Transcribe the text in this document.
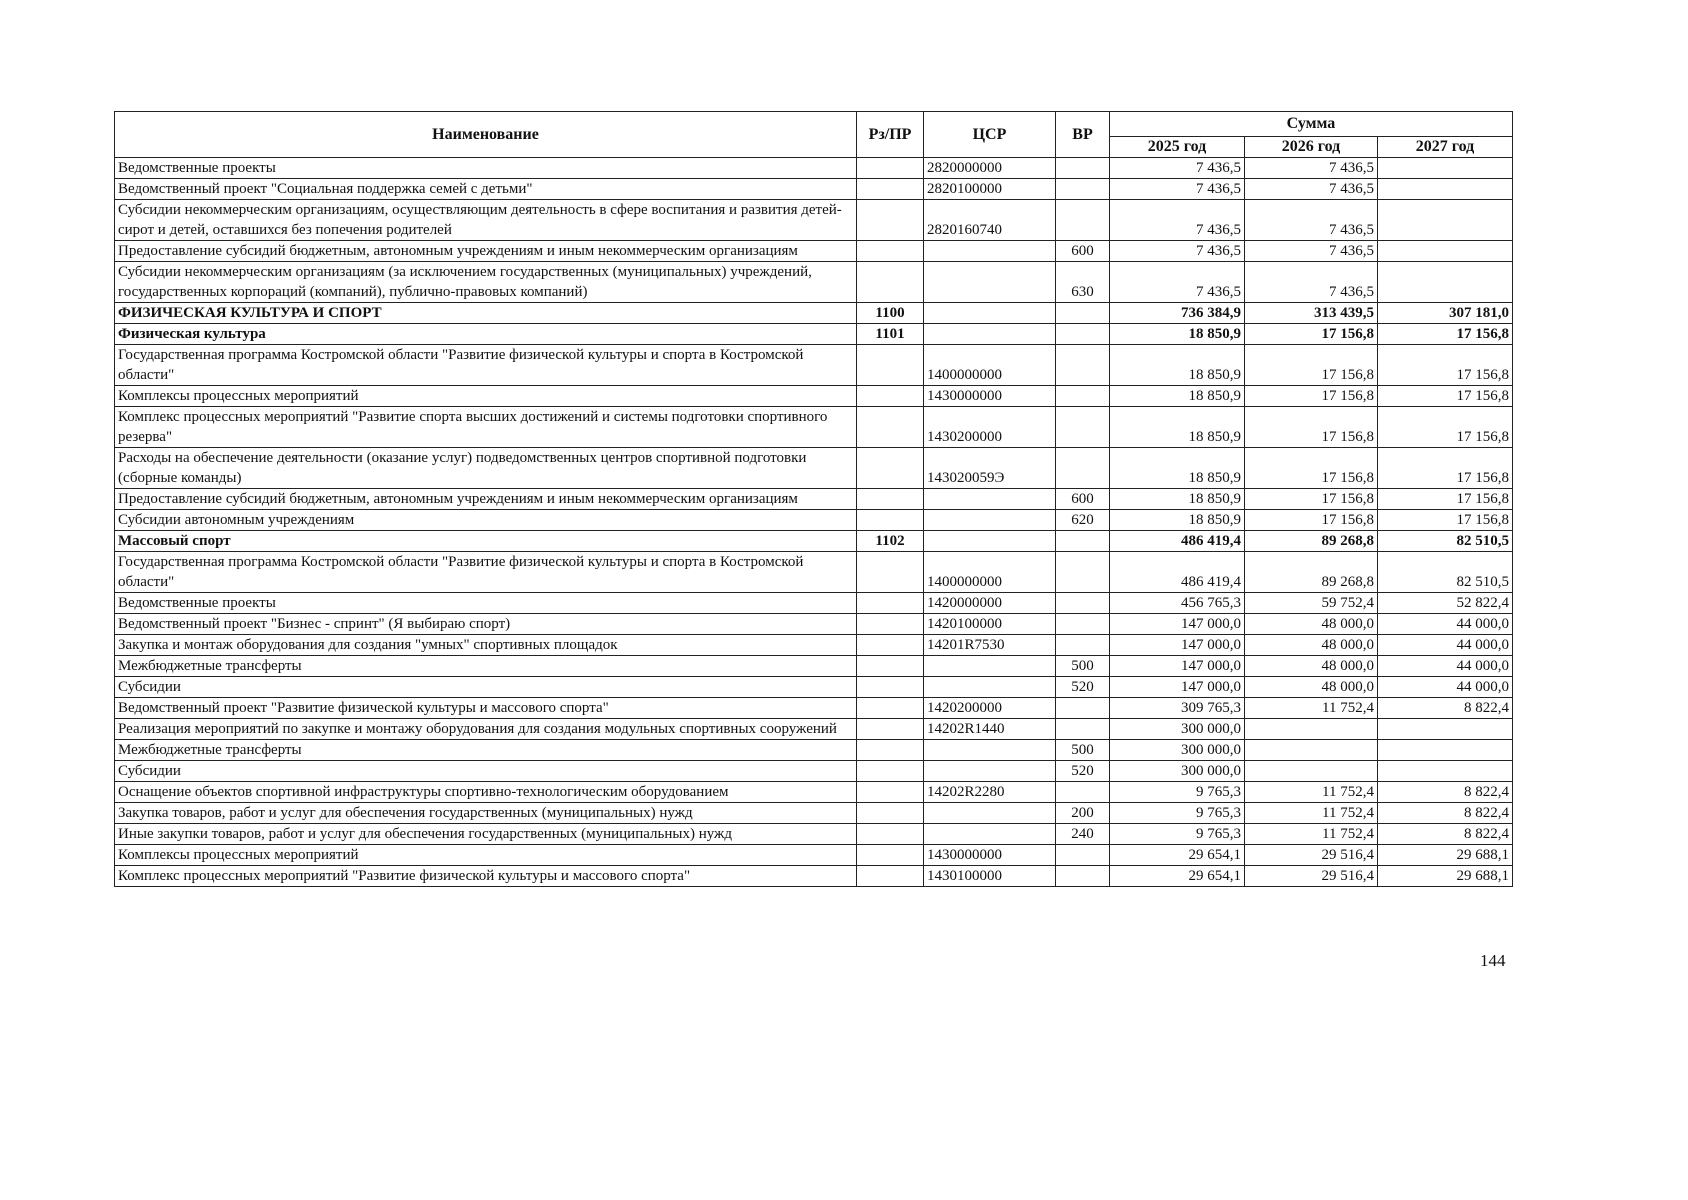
Наименование	Рз/ПР	ЦСР	ВР	Сумма		
				2025 год	2026 год	2027 год
Ведомственные проекты		2820000000		7 436,5	7 436,5	
Ведомственный проект "Социальная поддержка семей с детьми"		2820100000		7 436,5	7 436,5	
Субсидии некоммерческим организациям, осуществляющим деятельность в сфере воспитания и развития детей-сирот и детей, оставшихся без попечения родителей		2820160740		7 436,5	7 436,5	
Предоставление субсидий бюджетным, автономным учреждениям и иным некоммерческим организациям			600	7 436,5	7 436,5	
Субсидии некоммерческим организациям (за исключением государственных (муниципальных) учреждений, государственных корпораций (компаний), публично-правовых компаний)			630	7 436,5	7 436,5	
ФИЗИЧЕСКАЯ КУЛЬТУРА И СПОРТ	1100			736 384,9	313 439,5	307 181,0
Физическая культура	1101			18 850,9	17 156,8	17 156,8
Государственная программа Костромской области "Развитие физической культуры и спорта в Костромской области"		1400000000		18 850,9	17 156,8	17 156,8
Комплексы процессных мероприятий		1430000000		18 850,9	17 156,8	17 156,8
Комплекс процессных мероприятий "Развитие спорта высших достижений и системы подготовки спортивного резерва"		1430200000		18 850,9	17 156,8	17 156,8
Расходы на обеспечение деятельности (оказание услуг) подведомственных центров спортивной подготовки (сборные команды)		143020059Э		18 850,9	17 156,8	17 156,8
Предоставление субсидий бюджетным, автономным учреждениям и иным некоммерческим организациям			600	18 850,9	17 156,8	17 156,8
Субсидии автономным учреждениям			620	18 850,9	17 156,8	17 156,8
Массовый спорт	1102			486 419,4	89 268,8	82 510,5
Государственная программа Костромской области "Развитие физической культуры и спорта в Костромской области"		1400000000		486 419,4	89 268,8	82 510,5
Ведомственные проекты		1420000000		456 765,3	59 752,4	52 822,4
Ведомственный проект "Бизнес - спринт" (Я выбираю спорт)		1420100000		147 000,0	48 000,0	44 000,0
Закупка и монтаж оборудования для создания "умных" спортивных площадок		14201R7530		147 000,0	48 000,0	44 000,0
Межбюджетные трансферты			500	147 000,0	48 000,0	44 000,0
Субсидии			520	147 000,0	48 000,0	44 000,0
Ведомственный проект "Развитие физической культуры и массового спорта"		1420200000		309 765,3	11 752,4	8 822,4
Реализация мероприятий по закупке и монтажу оборудования для создания модульных спортивных сооружений		14202R1440		300 000,0		
Межбюджетные трансферты			500	300 000,0		
Субсидии			520	300 000,0		
Оснащение объектов спортивной инфраструктуры спортивно-технологическим оборудованием		14202R2280		9 765,3	11 752,4	8 822,4
Закупка товаров, работ и услуг для обеспечения государственных (муниципальных) нужд			200	9 765,3	11 752,4	8 822,4
Иные закупки товаров, работ и услуг для обеспечения государственных (муниципальных) нужд			240	9 765,3	11 752,4	8 822,4
Комплексы процессных мероприятий		1430000000		29 654,1	29 516,4	29 688,1
Комплекс процессных мероприятий "Развитие физической культуры и массового спорта"		1430100000		29 654,1	29 516,4	29 688,1
144
